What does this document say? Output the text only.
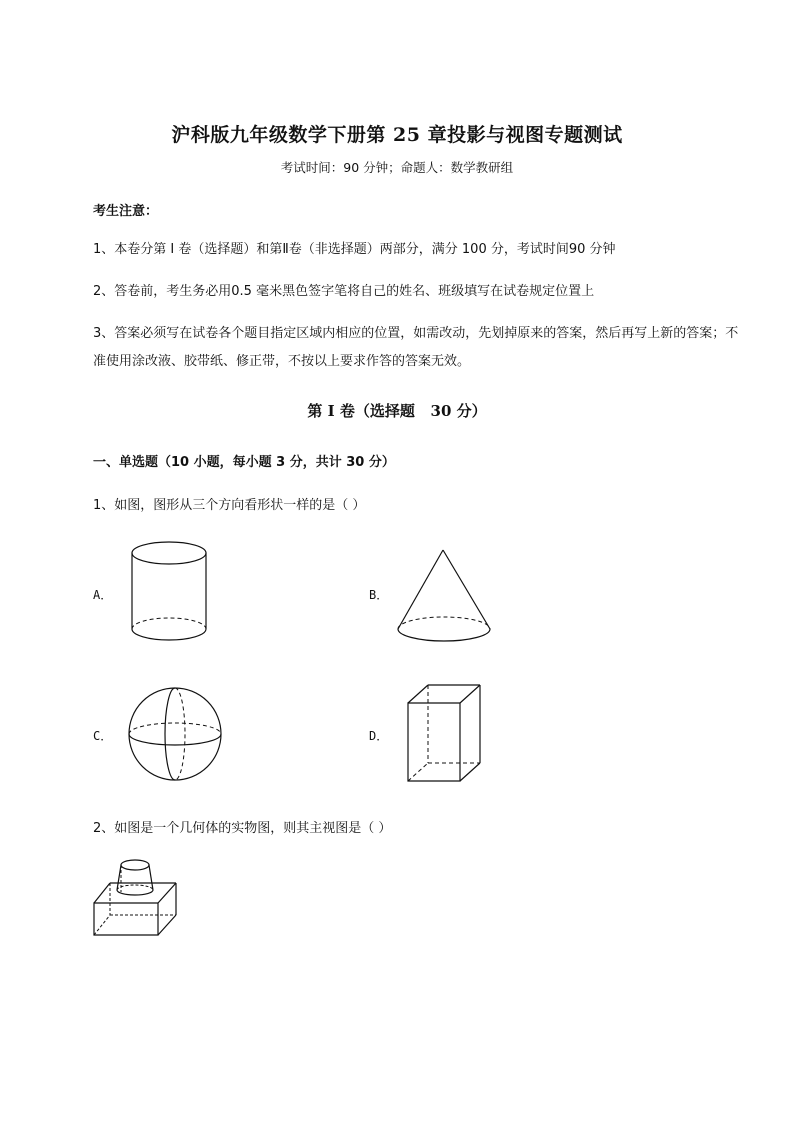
沪科版九年级数学下册第 25 章投影与视图专题测试
考试时间：90 分钟；命题人：数学教研组
考生注意：
1、本卷分第 I 卷（选择题）和第Ⅱ卷（非选择题）两部分，满分 100 分，考试时间90 分钟
2、答卷前，考生务必用0.5 毫米黑色签字笔将自己的姓名、班级填写在试卷规定位置上
3、答案必须写在试卷各个题目指定区域内相应的位置，如需改动，先划掉原来的答案，然后再写上新的答案；不准使用涂改液、胶带纸、修正带，不按以上要求作答的答案无效。
第 I 卷（选择题   30 分）
一、单选题（10 小题，每小题 3 分，共计 30 分）
1、如图，图形从三个方向看形状一样的是（ ）
A．	B．
C．	D．
2、如图是一个几何体的实物图，则其主视图是（ ）
